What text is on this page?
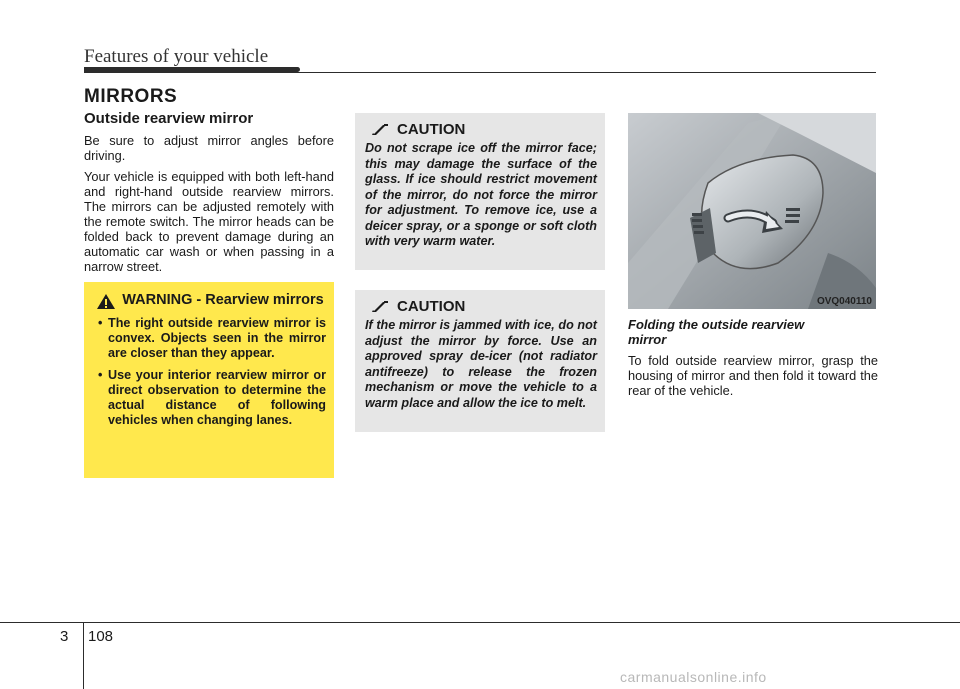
Features of your vehicle
MIRRORS
Outside rearview mirror

Be sure to adjust mirror angles before driving.

Your vehicle is equipped with both left-hand and right-hand outside rearview mirrors. The mirrors can be adjusted remotely with the remote switch. The mirror heads can be folded back to prevent damage during an automatic car wash or when passing in a narrow street.

WARNING - Rearview mirrors
• The right outside rearview mirror is convex. Objects seen in the mirror are closer than they appear.
• Use your interior rearview mirror or direct observation to determine the actual distance of following vehicles when changing lanes.
CAUTION

Do not scrape ice off the mirror face; this may damage the surface of the glass. If ice should restrict movement of the mirror, do not force the mirror for adjustment. To remove ice, use a deicer spray, or a sponge or soft cloth with very warm water.

CAUTION

If the mirror is jammed with ice, do not adjust the mirror by force. Use an approved spray de-icer (not radiator antifreeze) to release the frozen mechanism or move the vehicle to a warm place and allow the ice to melt.

OVQ040110
Folding the outside rearview mirror

To fold outside rearview mirror, grasp the housing of mirror and then fold it toward the rear of the vehicle.

3 108
carmanualsonline.info
